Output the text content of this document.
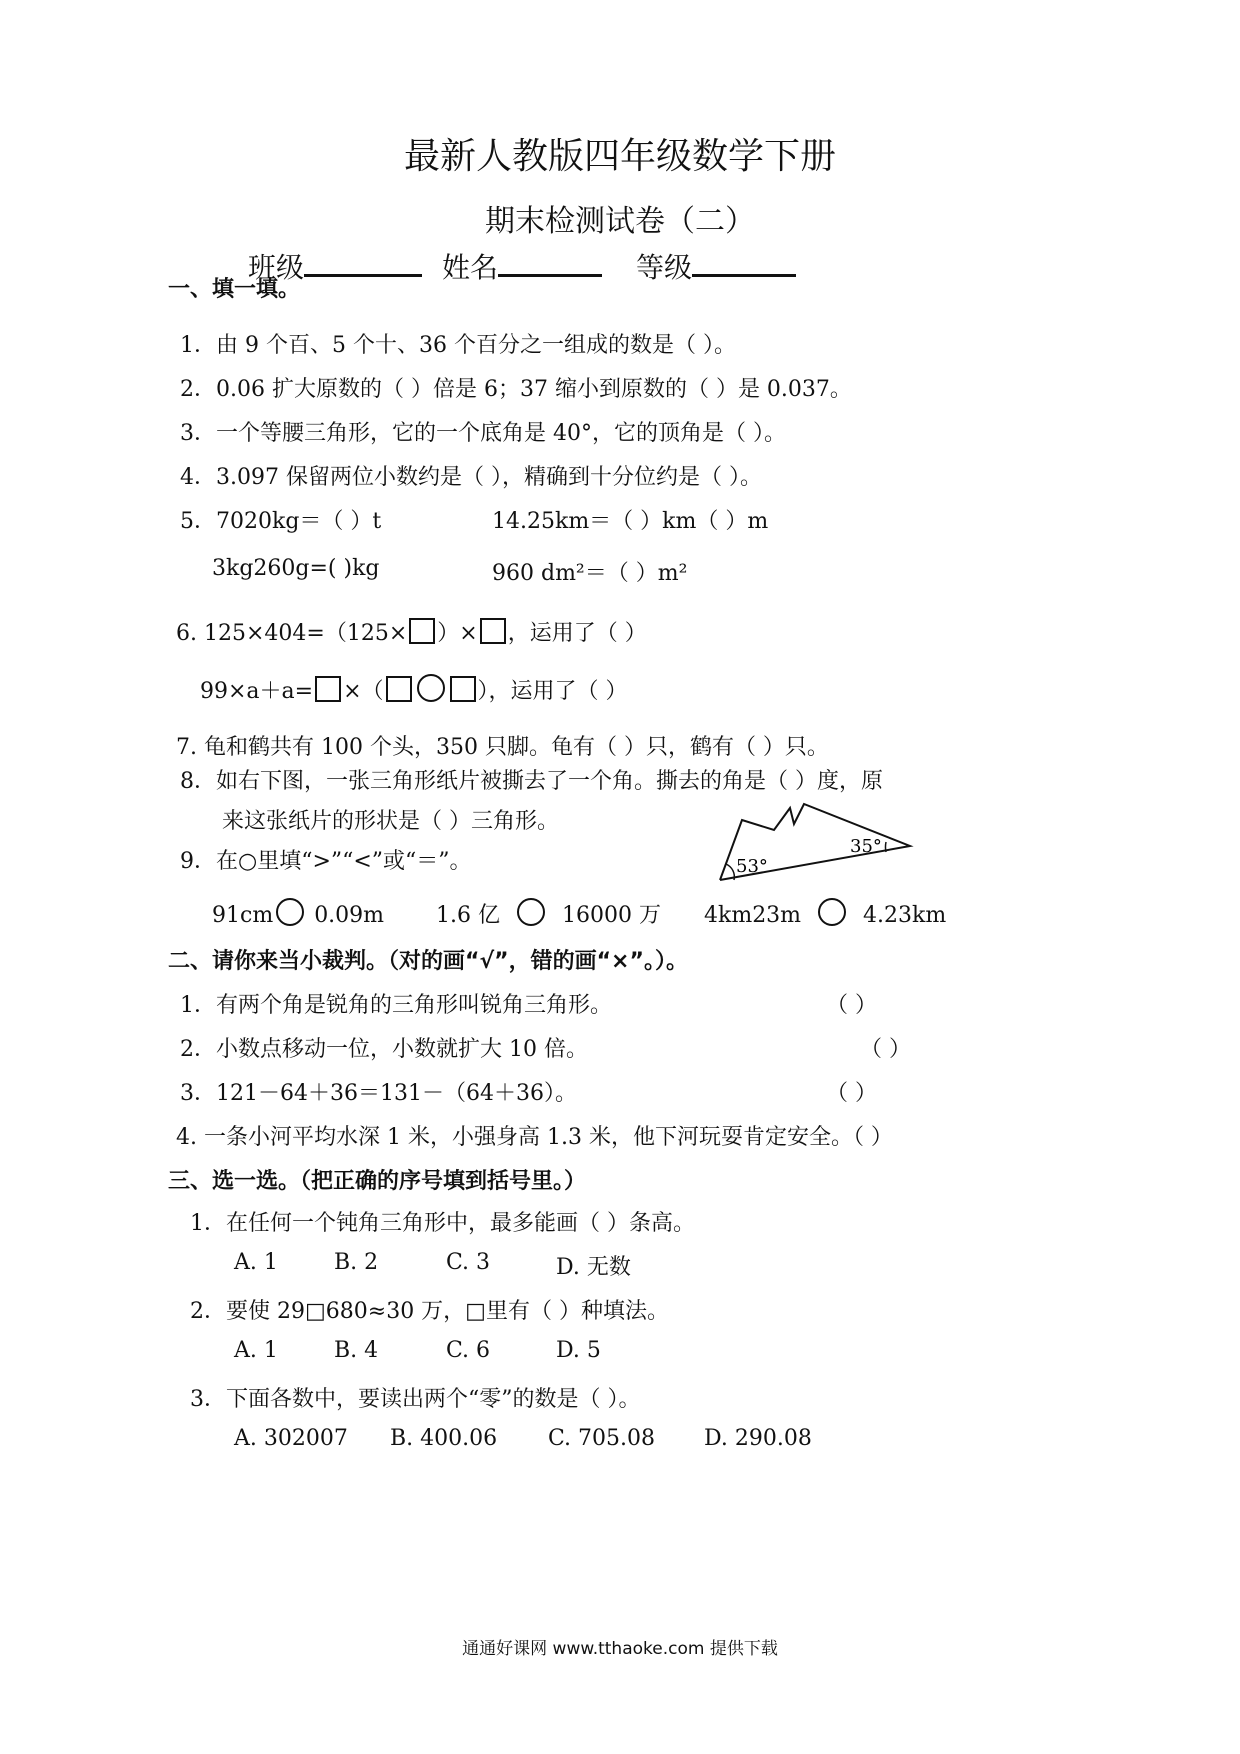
最新人教版四年级数学下册
期末检测试卷（二）
班级	姓名	等级
一、填一填。
1．由 9 个百、5 个十、36 个百分之一组成的数是（ ）。
2．0.06 扩大原数的（ ）倍是 6；37 缩小到原数的（ ）是 0.037。
3．一个等腰三角形，它的一个底角是 40°，它的顶角是（ ）。
4．3.097 保留两位小数约是（ ），精确到十分位约是（ ）。
5．7020kg＝（ ）t	14.25km＝（ ）km（ ）m
3kg260g=( )kg	960 dm²＝（ ）m²
6. 125×404=（125× ）× ，运用了（ ）
99×a＋a= ×（	），运用了（ ）
7. 龟和鹤共有 100 个头，350 只脚。龟有（ ）只，鹤有（ ）只。
8．如右下图，一张三角形纸片被撕去了一个角。撕去的角是（ ）度，原
来这张纸片的形状是（ ）三角形。
9．在○里填“>”“<”或“＝”。	53°
35°
91cm 0.09m 1.6 亿	16000 万 4km23m	4.23km
二、请你来当小裁判。（对的画“√”，错的画“×”。）。
1．有两个角是锐角的三角形叫锐角三角形。	（ ）
2．小数点移动一位，小数就扩大 10 倍。	（ ）
3．121－64＋36＝131－（64＋36）。	（ ）
4. 一条小河平均水深 1 米，小强身高 1.3 米，他下河玩耍肯定安全。（ ）
三、选一选。（把正确的序号填到括号里。）
1．在任何一个钝角三角形中，最多能画（ ）条高。
A. 1	B. 2	C. 3	D. 无数
2．要使 29□680≈30 万，□里有（ ）种填法。
A. 1	B. 4	C. 6	D. 5
3．下面各数中，要读出两个“零”的数是（ ）。
A. 302007 B. 400.06 C. 705.08 D. 290.08
通通好课网 www.tthaoke.com 提供下载
